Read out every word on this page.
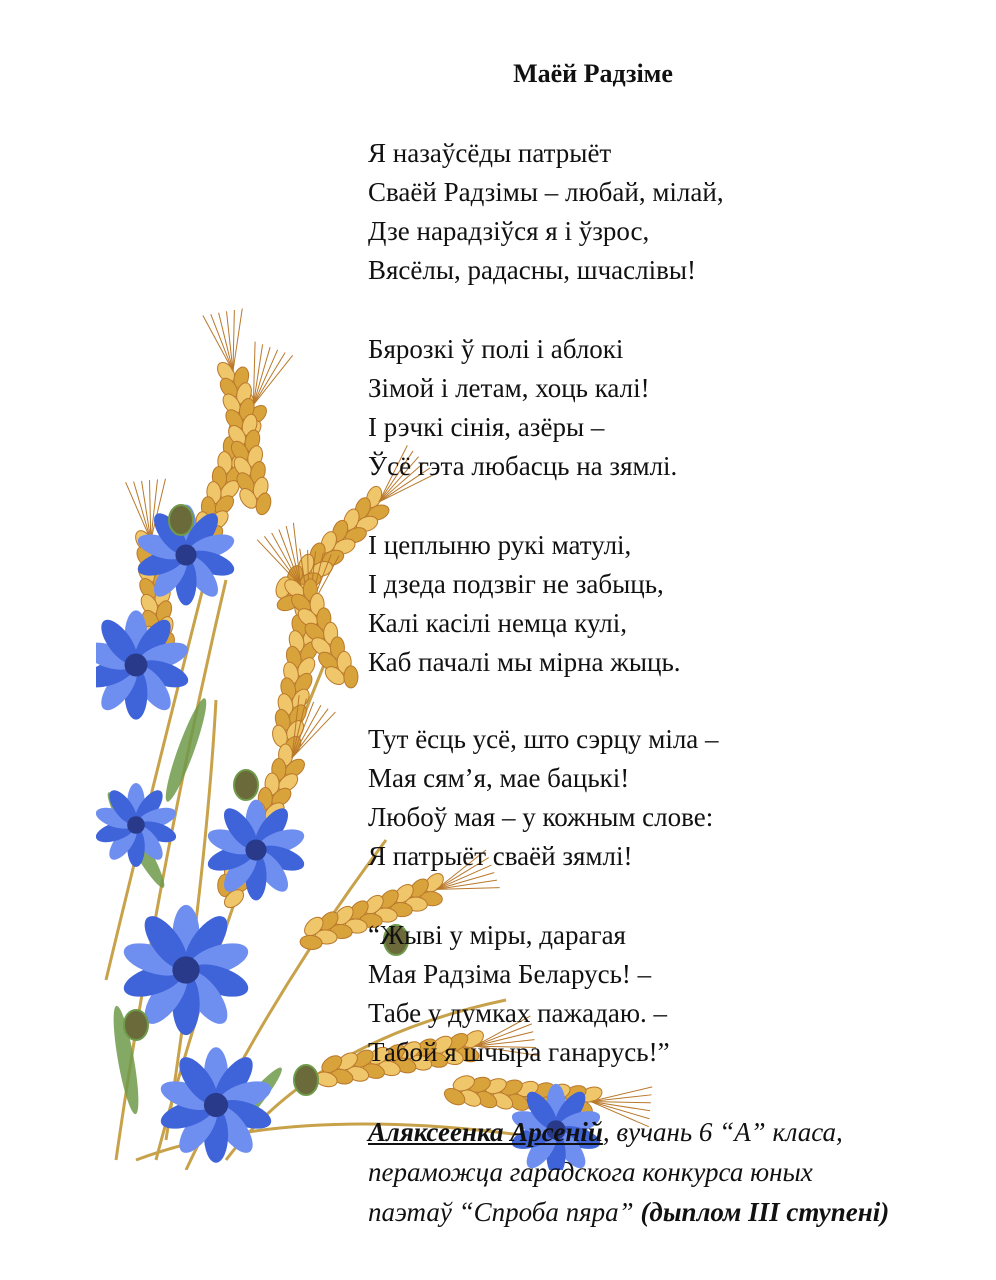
Маёй Радзіме
Я назаўсёды патрыёт
Сваёй Радзімы – любай, мілай,
Дзе нарадзіўся я і ўзрос,
Вясёлы, радасны, шчаслівы!
Бярозкі ў полі і аблокі
Зімой і летам, хоць калі!
І рэчкі сінія, азёры –
Ўсё гэта любасць на зямлі.
І цеплыню рукі матулі,
І дзеда подзвіг не забыць,
Калі касілі немца кулі,
Каб пачалі мы мірна жыць.
Тут ёсць усё, што сэрцу міла –
Мая сям’я, мае бацькі!
Любоў мая – у кожным слове:
Я патрыёт сваёй зямлі!
“Жыві у міры, дарагая
Мая Радзіма Беларусь! –
Табе у думках пажадаю. –
Табой я шчыра ганарусь!”
Аляксеенка Арсеній, вучань 6 “А” класа,
пераможца гарадскога конкурса юных
паэтаў “Спроба пяра” (дыплом ІІІ ступені)
